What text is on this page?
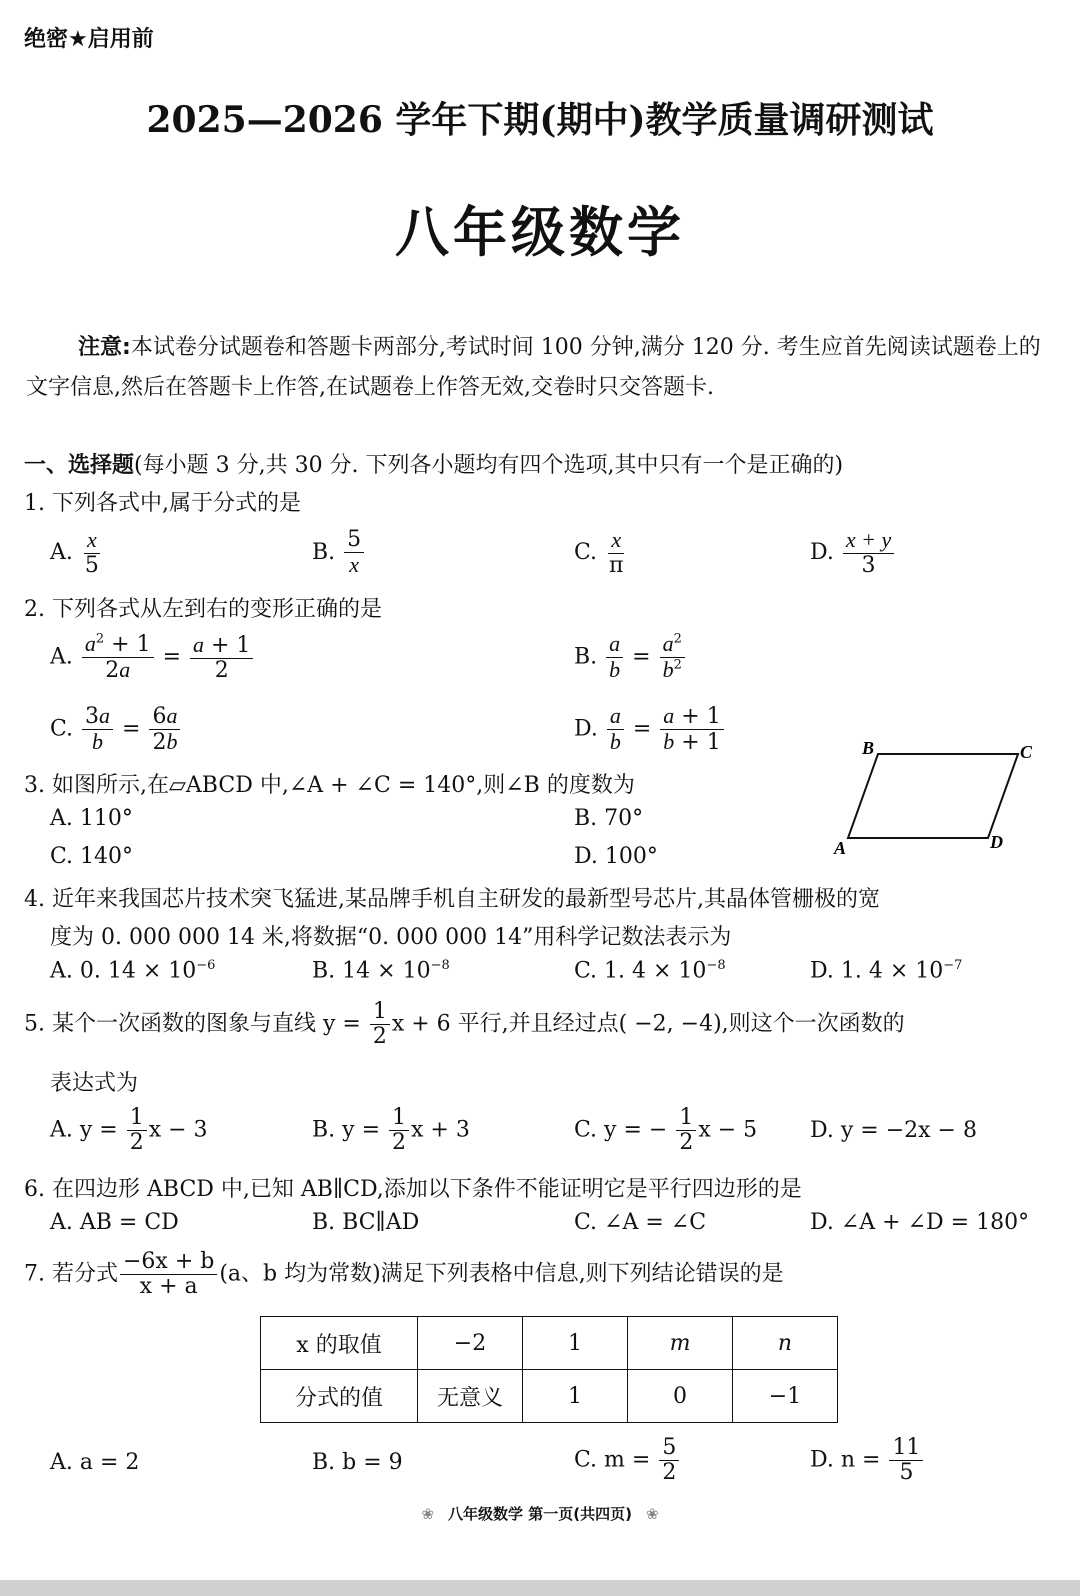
绝密★启用前
2025—2026 学年下期(期中)教学质量调研测试
八年级数学
注意:本试卷分试题卷和答题卡两部分,考试时间 100 分钟,满分 120 分. 考生应首先阅读试题卷上的文字信息,然后在答题卡上作答,在试题卷上作答无效,交卷时只交答题卡.
一、选择题(每小题 3 分,共 30 分. 下列各小题均有四个选项,其中只有一个是正确的)
1. 下列各式中,属于分式的是
A. $\frac{x}{5}$	B. $\frac{5}{x}$	C. $\frac{x}{\pi}$	D. $\frac{x + y}{3}$
2. 下列各式从左到右的变形正确的是
A. $\frac{a^2 + 1}{2a} = \frac{a + 1}{2}$	B. $\frac{a}{b} = \frac{a^2}{b^2}$
C. $\frac{3a}{b} = \frac{6a}{2b}$	D. $\frac{a}{b} = \frac{a + 1}{b + 1}$
3. 如图所示,在▱ABCD 中,∠A + ∠C = 140°,则∠B 的度数为
A. 110°	B. 70°
C. 140°	D. 100°
B	C
A	D
4. 近年来我国芯片技术突飞猛进,某品牌手机自主研发的最新型号芯片,其晶体管栅极的宽
度为 0. 000 000 14 米,将数据“0. 000 000 14”用科学记数法表示为
A. 0. $14 \times 10^{-6}$	B. $14 \times 10^{-8}$	C. 1. $4 \times 10^{-8}$	D. 1. $4 \times 10^{-7}$
5. 某个一次函数的图象与直线 $y = \frac{1}{2}$ x + 6 平行,并且经过点( −2, −4),则这个一次函数的
表达式为
A. $y = \frac{1}{2}$ x − 3	B. $y = \frac{1}{2}$ x + 3	C. y = − $\frac{1}{2}$ x − 5 D. y = −2x − 8
6. 在四边形 ABCD 中,已知 AB∥CD,添加以下条件不能证明它是平行四边形的是
A. AB = CD	B. BC∥AD	C. ∠A = ∠C	D. ∠A + ∠D = 180°
7. 若分式 $\frac{-6x + b}{x + a} (a$、b 均为常数)满足下列表格中信息,则下列结论错误的是
x 的取值	−2	1	m	n
分式的值	无意义	1	0	−1
A. a = 2	B. b = 9	C. $m = \frac{5}{2}$	D. $n = \frac{11}{5}$
❀ 八年级数学 第一页(共四页) ❀
